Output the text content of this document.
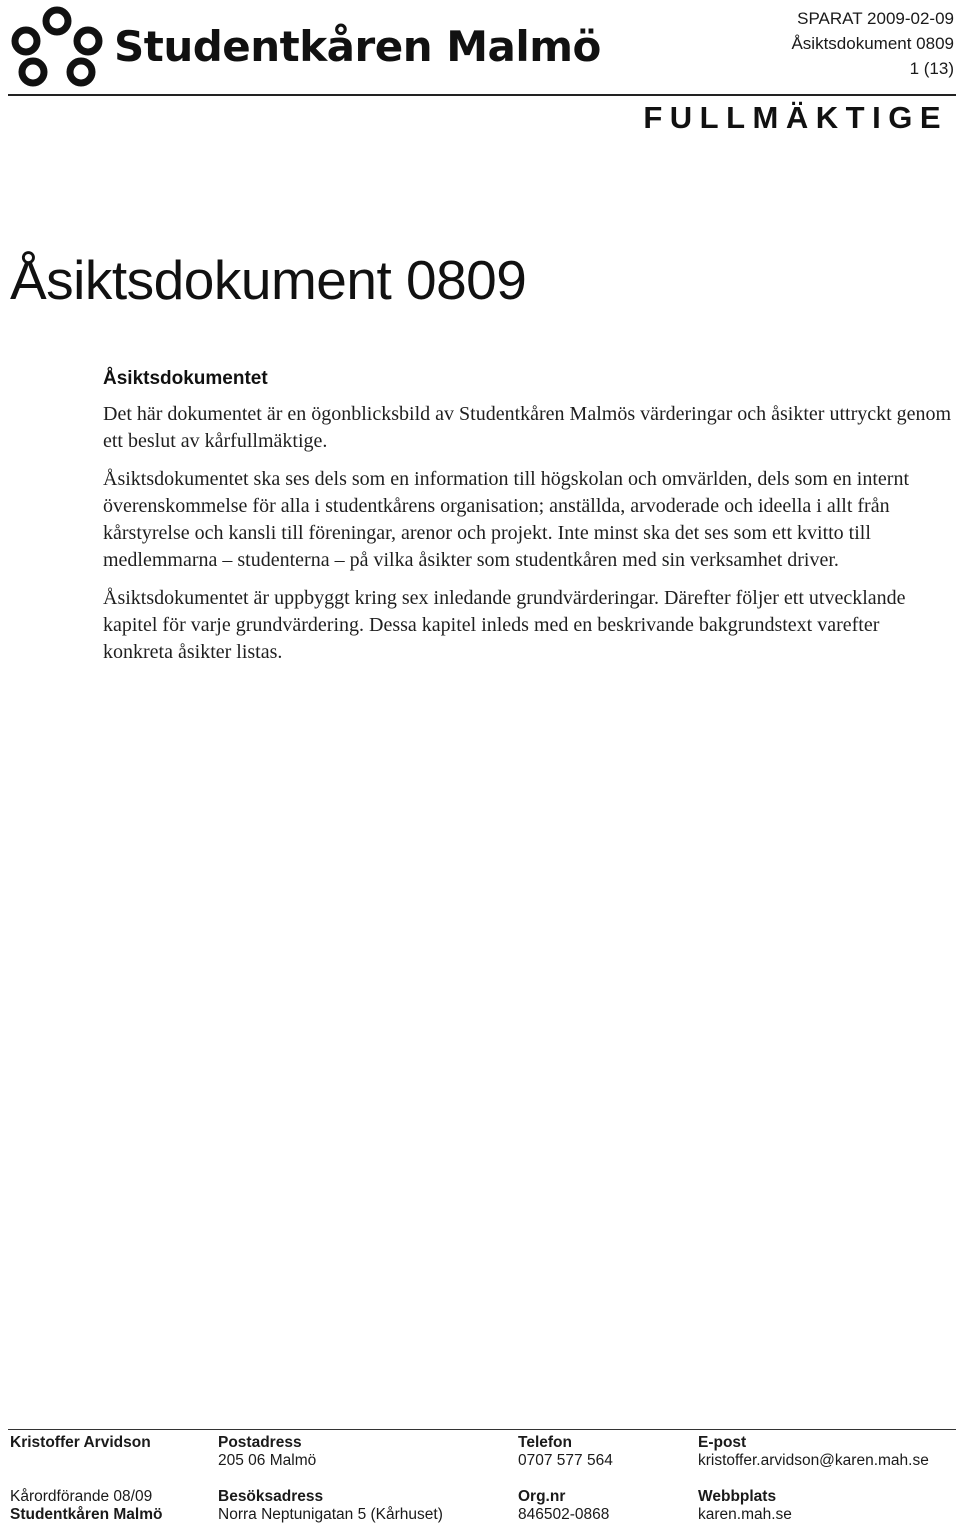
Studentkåren Malmö
SPARAT 2009-02-09
Åsiktsdokument 0809
1 (13)
FULLMÄKTIGE
Åsiktsdokument 0809
Åsiktsdokumentet

Det här dokumentet är en ögonblicksbild av Studentkåren Malmös värderingar och åsikter uttryckt genom ett beslut av kårfullmäktige.

Åsiktsdokumentet ska ses dels som en information till högskolan och omvärlden, dels som en internt överenskommelse för alla i studentkårens organisation; anställda, arvoderade och ideella i allt från kårstyrelse och kansli till föreningar, arenor och projekt. Inte minst ska det ses som ett kvitto till medlemmarna – studenterna – på vilka åsikter som studentkåren med sin verksamhet driver.

Åsiktsdokumentet är uppbyggt kring sex inledande grundvärderingar. Därefter följer ett utvecklande kapitel för varje grundvärdering. Dessa kapitel inleds med en beskrivande bakgrundstext varefter konkreta åsikter listas.

Kristoffer Arvidson
Kårordförande 08/09
Studentkåren Malmö
Postadress
205 06 Malmö
Besöksadress
Norra Neptunigatan 5 (Kårhuset)
Telefon
0707 577 564
Org.nr
846502-0868
E-post
kristoffer.arvidson@karen.mah.se
Webbplats
karen.mah.se
